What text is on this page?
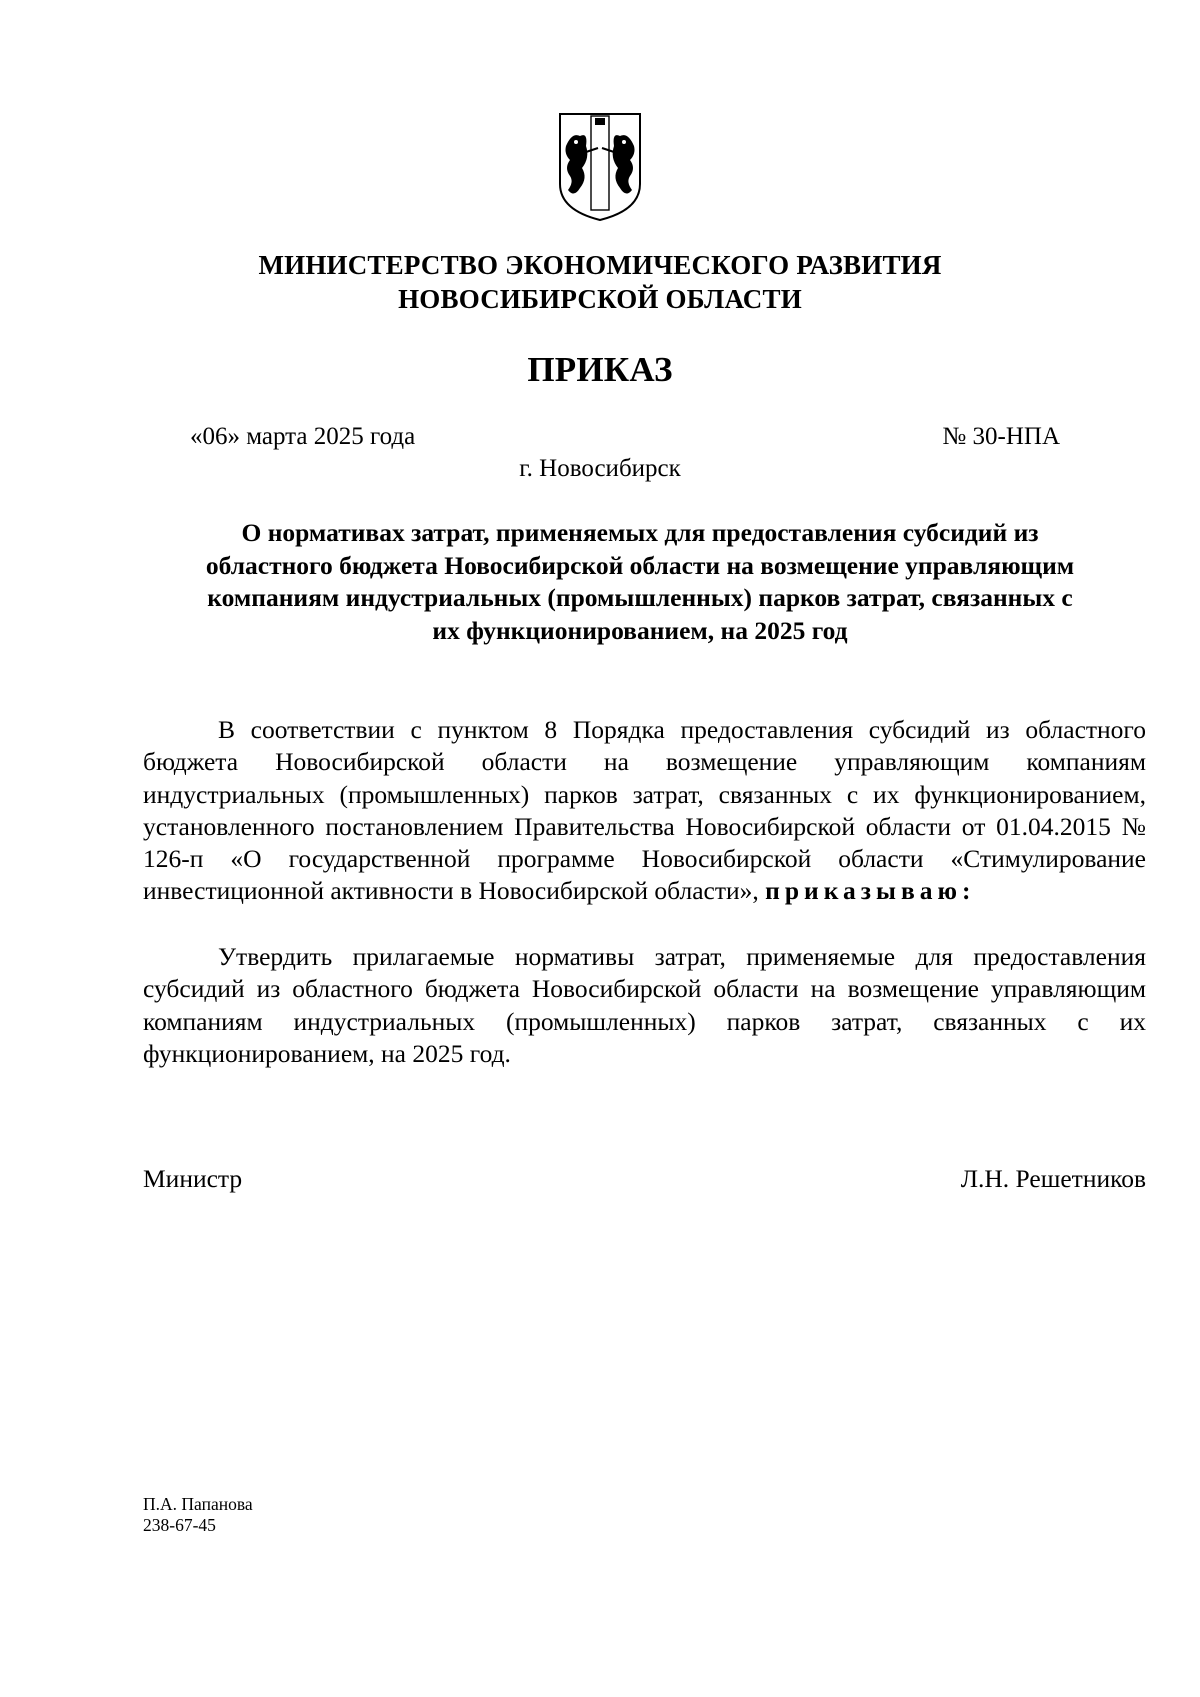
МИНИСТЕРСТВО ЭКОНОМИЧЕСКОГО РАЗВИТИЯ
НОВОСИБИРСКОЙ ОБЛАСТИ
ПРИКАЗ
«06» марта 2025 года	№ 30-НПА
г. Новосибирск
О нормативах затрат, применяемых для предоставления субсидий из
областного бюджета Новосибирской области на возмещение управляющим
компаниям индустриальных (промышленных) парков затрат, связанных с
их функционированием, на 2025 год
В соответствии с пунктом 8 Порядка предоставления субсидий из областного бюджета Новосибирской области на возмещение управляющим компаниям индустриальных (промышленных) парков затрат, связанных с их функционированием, установленного постановлением Правительства Новосибирской области от 01.04.2015 № 126-п «О государственной программе Новосибирской области «Стимулирование инвестиционной активности в Новосибирской области», приказываю:
Утвердить прилагаемые нормативы затрат, применяемые для предоставления субсидий из областного бюджета Новосибирской области на возмещение управляющим компаниям индустриальных (промышленных) парков затрат, связанных с их функционированием, на 2025 год.
Министр	Л.Н. Решетников
П.А. Папанова
238-67-45
